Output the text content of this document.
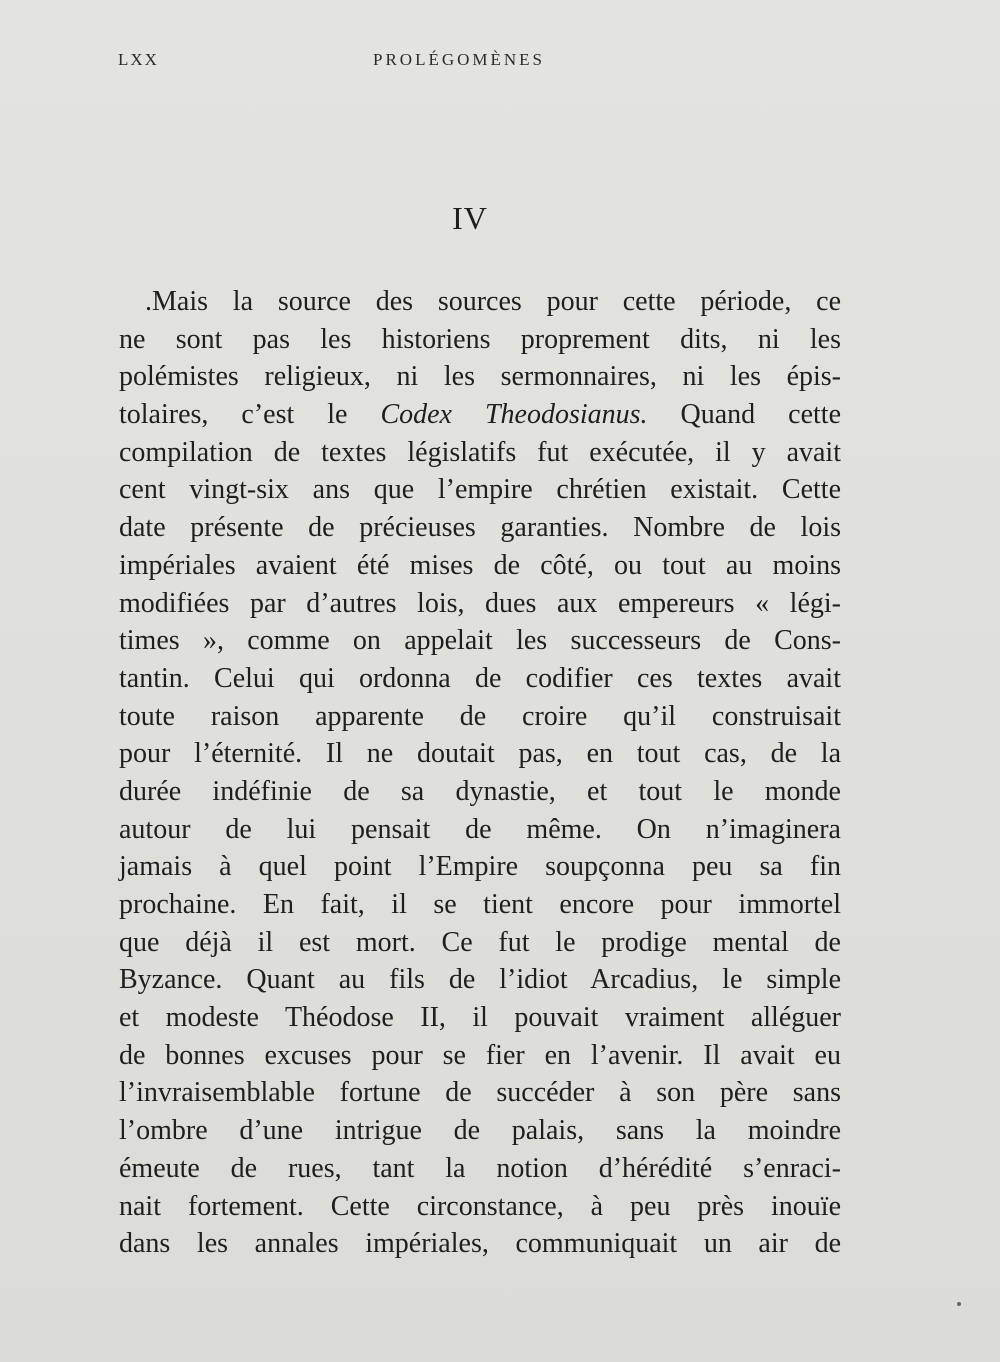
LXX	PROLÉGOMÈNES
IV
.Mais la source des sources pour cette période, ce
ne sont pas les historiens proprement dits, ni les
polémistes religieux, ni les sermonnaires, ni les épis-
tolaires, c’est le Codex Theodosianus. Quand cette
compilation de textes législatifs fut exécutée, il y avait
cent vingt-six ans que l’empire chrétien existait. Cette
date présente de précieuses garanties. Nombre de lois
impériales avaient été mises de côté, ou tout au moins
modifiées par d’autres lois, dues aux empereurs « légi-
times », comme on appelait les successeurs de Cons-
tantin. Celui qui ordonna de codifier ces textes avait
toute raison apparente de croire qu’il construisait
pour l’éternité. Il ne doutait pas, en tout cas, de la
durée indéfinie de sa dynastie, et tout le monde
autour de lui pensait de même. On n’imaginera
jamais à quel point l’Empire soupçonna peu sa fin
prochaine. En fait, il se tient encore pour immortel
que déjà il est mort. Ce fut le prodige mental de
Byzance. Quant au fils de l’idiot Arcadius, le simple
et modeste Théodose II, il pouvait vraiment alléguer
de bonnes excuses pour se fier en l’avenir. Il avait eu
l’invraisemblable fortune de succéder à son père sans
l’ombre d’une intrigue de palais, sans la moindre
émeute de rues, tant la notion d’hérédité s’enraci-
nait fortement. Cette circonstance, à peu près inouïe
dans les annales impériales, communiquait un air de
